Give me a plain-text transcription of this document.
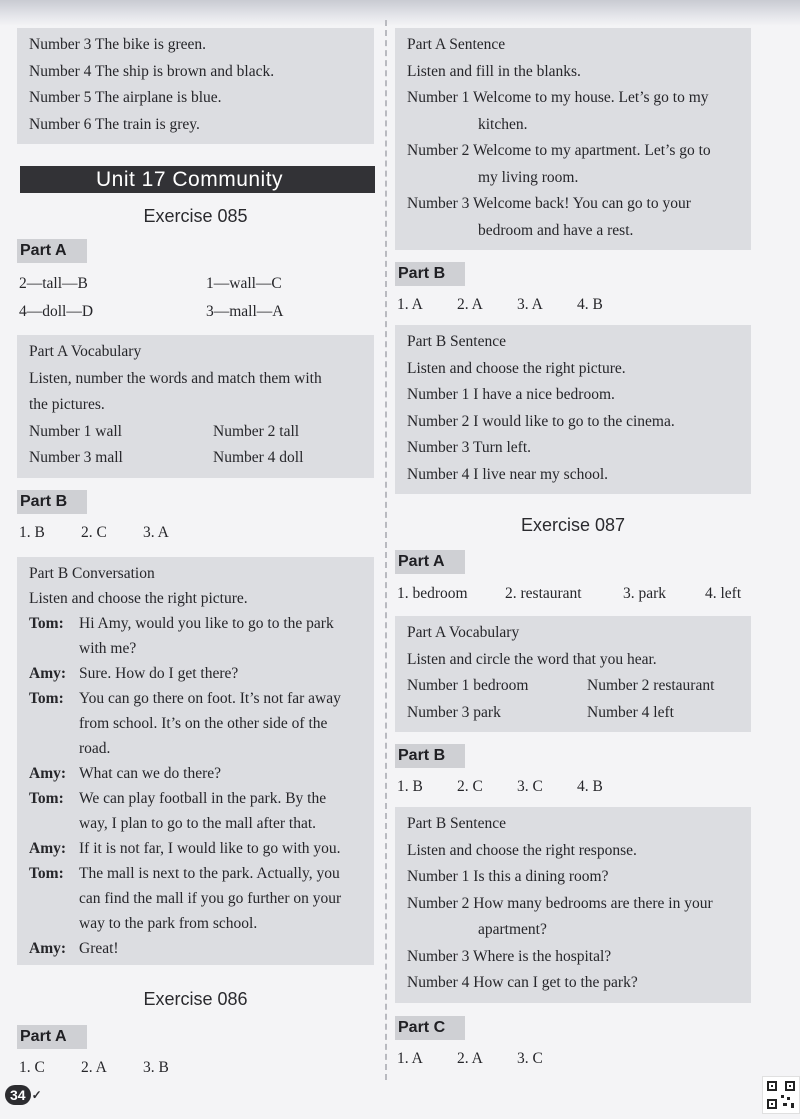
Number 3 The bike is green.
Number 4 The ship is brown and black.
Number 5 The airplane is blue.
Number 6 The train is grey.
Unit 17 Community
Exercise 085
Part A
2—tall—B	1—wall—C
4—doll—D	3—mall—A
Part A Vocabulary
Listen, number the words and match them with
the pictures.
Number 1 wall	Number 2 tall
Number 3 mall	Number 4 doll
Part B
1. B 2. C 3. A
Part B Conversation
Listen and choose the right picture.
Tom: Hi Amy, would you like to go to the park
with me?
Amy: Sure. How do I get there?
Tom: You can go there on foot. It’s not far away
from school. It’s on the other side of the
road.
Amy: What can we do there?
Tom: We can play football in the park. By the
way, I plan to go to the mall after that.
Amy: If it is not far, I would like to go with you.
Tom: The mall is next to the park. Actually, you
can find the mall if you go further on your
way to the park from school.
Amy: Great!
Exercise 086
Part A
1. C 2. A 3. B
Part A Sentence
Listen and fill in the blanks.
Number 1 Welcome to my house. Let’s go to my
kitchen.
Number 2 Welcome to my apartment. Let’s go to
my living room.
Number 3 Welcome back! You can go to your
bedroom and have a rest.
Part B
1. A 2. A 3. A 4. B
Part B Sentence
Listen and choose the right picture.
Number 1 I have a nice bedroom.
Number 2 I would like to go to the cinema.
Number 3 Turn left.
Number 4 I live near my school.
Exercise 087
Part A
1. bedroom 2. restaurant	3. park	4. left
Part A Vocabulary
Listen and circle the word that you hear.
Number 1 bedroom	Number 2 restaurant
Number 3 park	Number 4 left
Part B
1. B 2. C 3. C 4. B
Part B Sentence
Listen and choose the right response.
Number 1 Is this a dining room?
Number 2 How many bedrooms are there in your
apartment?
Number 3 Where is the hospital?
Number 4 How can I get to the park?
Part C
1. A 2. A 3. C
34 ✓
